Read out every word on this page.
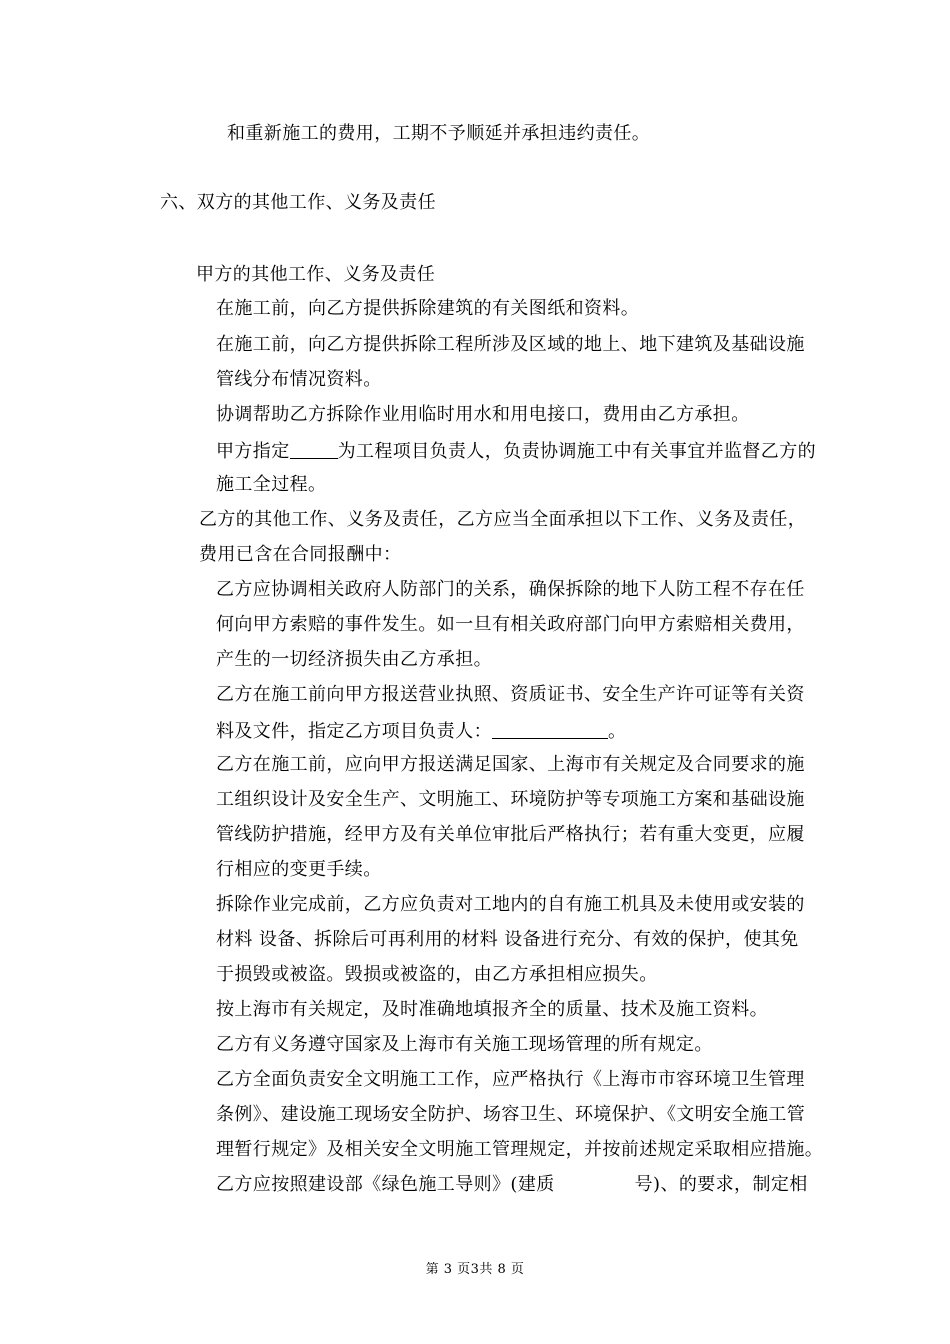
和重新施工的费用，工期不予顺延并承担违约责任。
六、双方的其他工作、义务及责任
甲方的其他工作、义务及责任
在施工前，向乙方提供拆除建筑的有关图纸和资料。
在施工前，向乙方提供拆除工程所涉及区域的地上、地下建筑及基础设施
管线分布情况资料。
协调帮助乙方拆除作业用临时用水和用电接口，费用由乙方承担。
甲方指定	为工程项目负责人，负责协调施工中有关事宜并监督乙方的
施工全过程。
乙方的其他工作、义务及责任，乙方应当全面承担以下工作、义务及责任，
费用已含在合同报酬中：
乙方应协调相关政府人防部门的关系，确保拆除的地下人防工程不存在任
何向甲方索赔的事件发生。如一旦有相关政府部门向甲方索赔相关费用，
产生的一切经济损失由乙方承担。
乙方在施工前向甲方报送营业执照、资质证书、安全生产许可证等有关资
料及文件，指定乙方项目负责人：	。
乙方在施工前，应向甲方报送满足国家、上海市有关规定及合同要求的施
工组织设计及安全生产、文明施工、环境防护等专项施工方案和基础设施
管线防护措施，经甲方及有关单位审批后严格执行；若有重大变更，应履
行相应的变更手续。
拆除作业完成前，乙方应负责对工地内的自有施工机具及未使用或安装的
材料 设备、拆除后可再利用的材料 设备进行充分、有效的保护，使其免
于损毁或被盗。毁损或被盗的，由乙方承担相应损失。
按上海市有关规定，及时准确地填报齐全的质量、技术及施工资料。
乙方有义务遵守国家及上海市有关施工现场管理的所有规定。
乙方全面负责安全文明施工工作，应严格执行《上海市市容环境卫生管理
条例》、建设施工现场安全防护、场容卫生、环境保护、《文明安全施工管
理暂行规定》及相关安全文明施工管理规定，并按前述规定采取相应措施。
乙方应按照建设部《绿色施工导则》(建质	号)、的要求，制定相
第 3 页3共 8 页
